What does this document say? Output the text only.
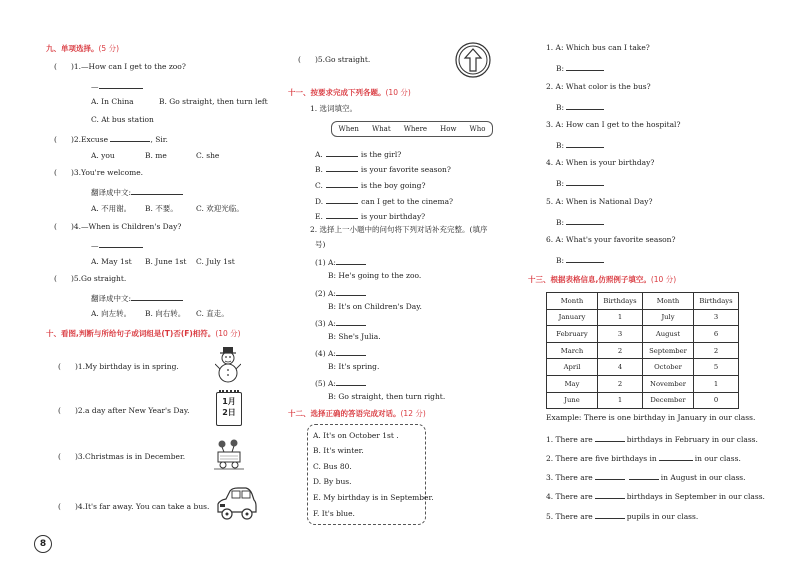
九、单项选择。(5 分)
( )1.—How can I get to the zoo?
—
A. In China	B. Go straight, then turn left
C. At bus station
( )2.Excuse	, Sir.
A. you	B. me	C. she
( )3.You're welcome.
翻译成中文:
A. 不用谢。 B. 不要。 C. 欢迎光临。
( )4.—When is Children's Day?
—
A. May 1st B. June 1st C. July 1st
( )5.Go straight.
翻译成中文:
A. 向左转。 B. 向右转。 C. 直走。
十、看图,判断与所给句子或词组是(T)否(F)相符。(10 分)
( )1.My birthday is in spring.
( )2.a day after New Year's Day.
1月
2日
( )3.Christmas is in December.
( )4.It's far away. You can take a bus.
8
( )5.Go straight.
十一、按要求完成下列各题。(10 分)
1. 选词填空。
When What Where How Who
A.	is the girl?
B.	is your favorite season?
C.	is the boy going?
D.	can I get to the cinema?
E.	is your birthday?
2. 选择上一小题中的问句将下列对话补充完整。(填序
号)
(1) A:
B: He's going to the zoo.
(2) A:
B: It's on Children's Day.
(3) A:
B: She's Julia.
(4) A:
B: It's spring.
(5) A:
B: Go straight, then turn right.
十二、选择正确的答语完成对话。(12 分)
A. It's on October 1st .
B. It's winter.
C. Bus 80.
D. By bus.
E. My birthday is in September.
F. It's blue.
1. A: Which bus can I take?
B:
2. A: What color is the bus?
B:
3. A: How can I get to the hospital?
B:
4. A: When is your birthday?
B:
5. A: When is National Day?
B:
6. A: What's your favorite season?
B:
十三、根据表格信息,仿照例子填空。(10 分)
Month	Birthdays	Month	Birthdays
January	1	July	3
February	3	August	6
March	2	September	2
April	4	October	5
May	2	November	1
June	1	December	0
Example: There is one birthday in January in our class.
1. There are	birthdays in February in our class.
2. There are five birthdays in	in our class.
3. There are	in August in our class.
4. There are	birthdays in September in our class.
5. There are	pupils in our class.
